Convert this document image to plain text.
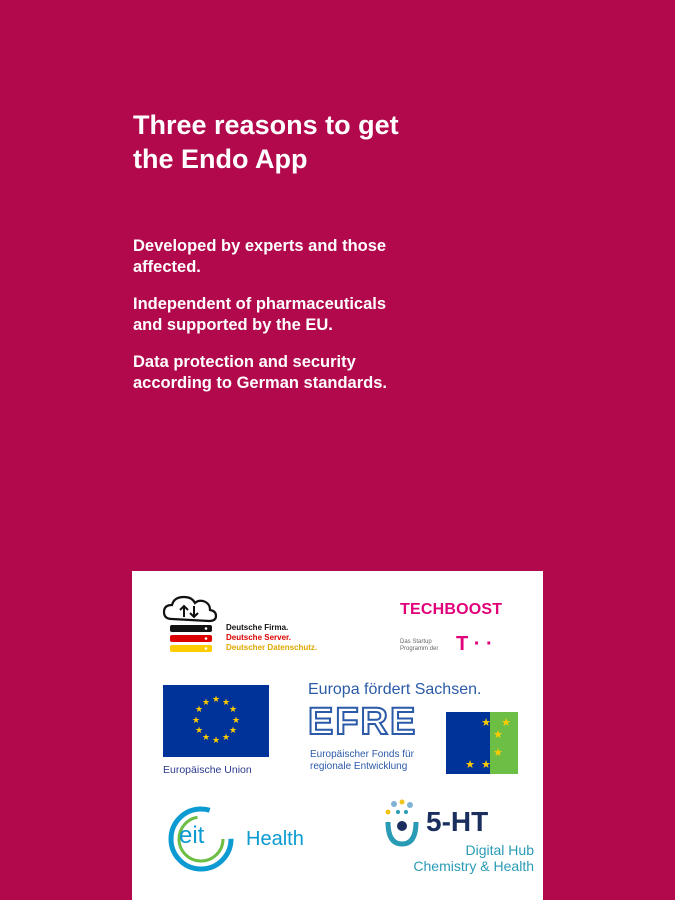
Three reasons to get
the Endo App

Developed by experts and those
affected.

Independent of pharmaceuticals
and supported by the EU.

Data protection and security
according to German standards.

Deutsche Firma.
Deutsche Server.
Deutscher Datenschutz.
TECHBOOST
Das Startup
Programm der T · ·
★ ★
★
★
★
★
★
★
★
★
★
★
Europäische Union
Europa fördert Sachsen.
EFRE
Europäischer Fonds für
regionale Entwicklung
★
★
★
★
★
★
eit Health
5-HT
Digital Hub
Chemistry & Health
